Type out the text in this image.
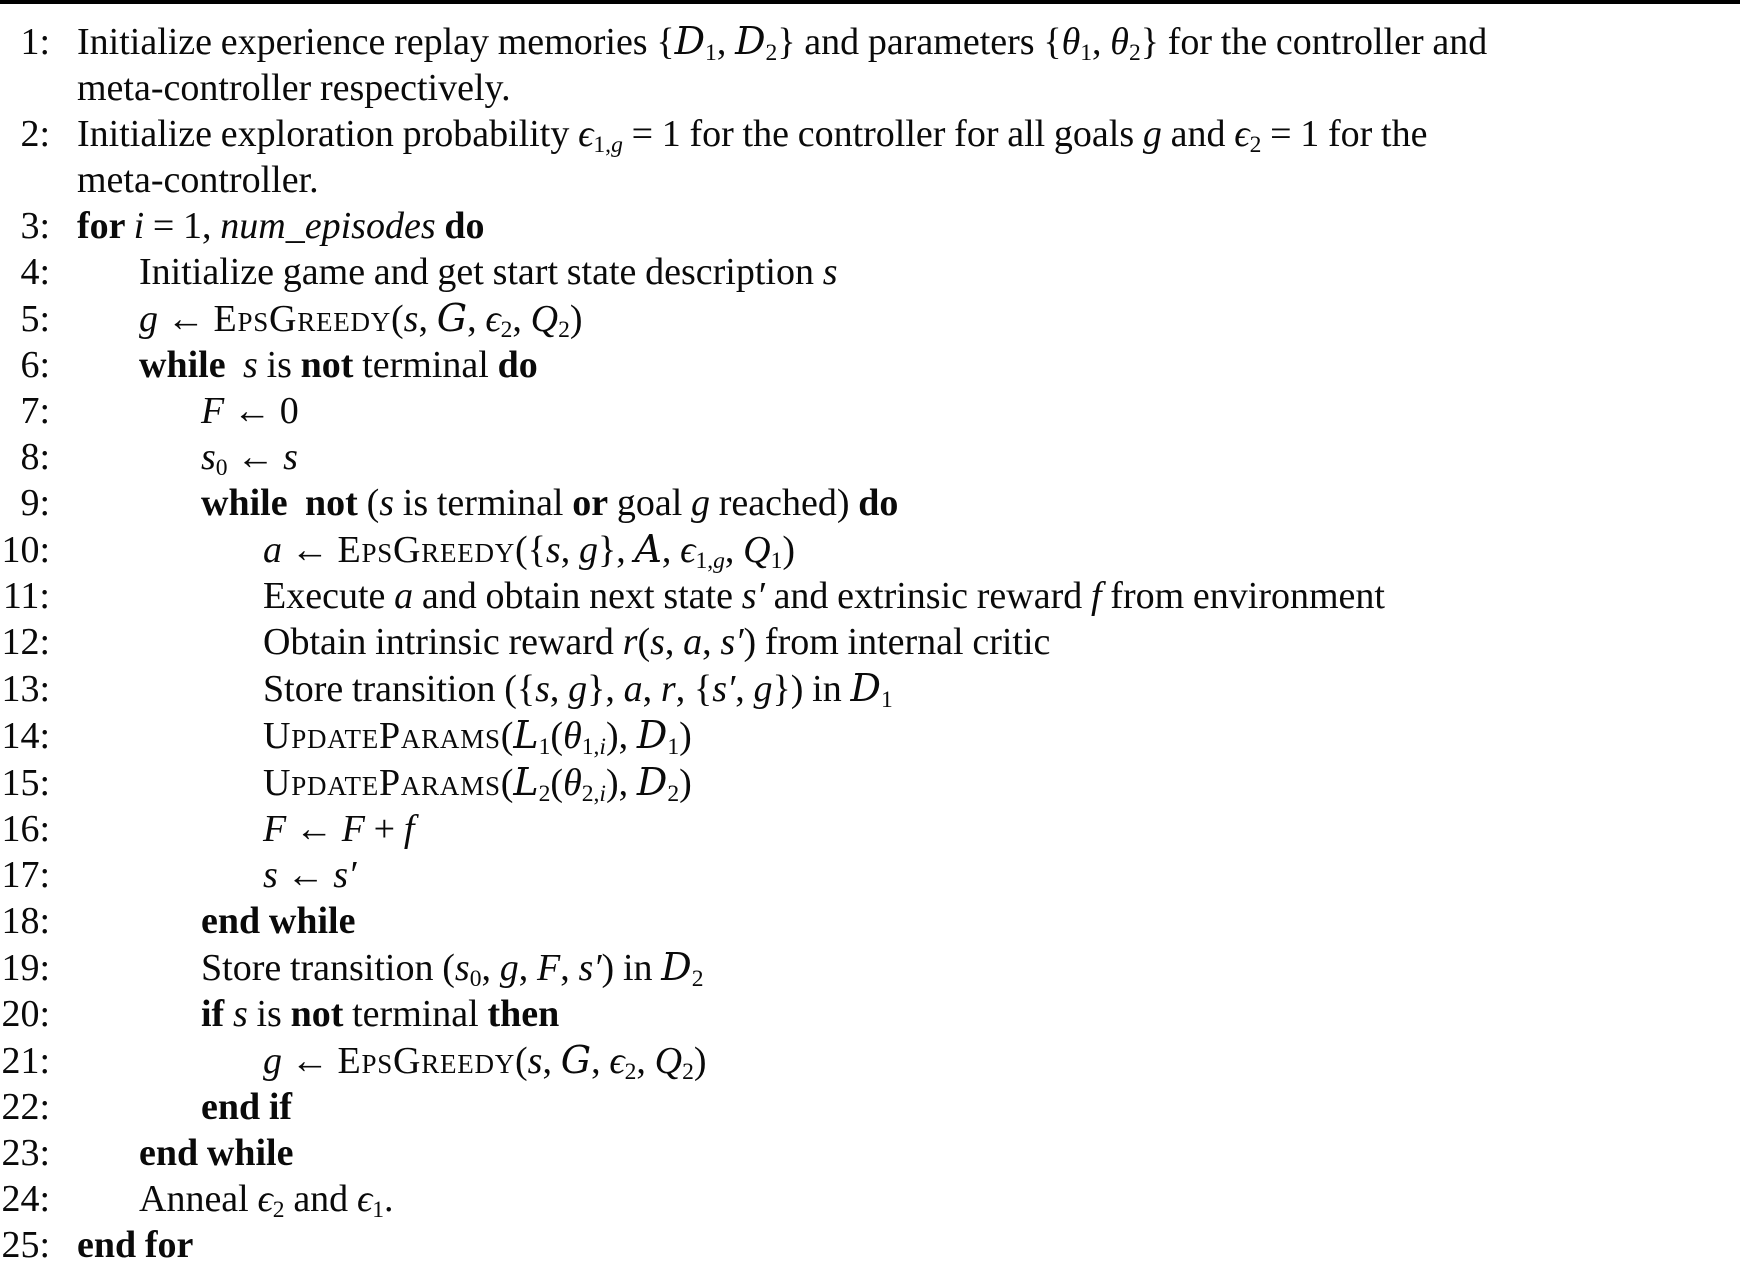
1: Initialize experience replay memories {$D_1$, $D_2$} and parameters {$\theta_1$, $\theta_2$} for the controller and
meta-controller respectively.
2: Initialize exploration probability $\epsilon_{1,g} = 1$ for the controller for all goals g and $\epsilon_2 = 1$ for the
meta-controller.
3: for i = 1, num_episodes do
4:	Initialize game and get start state description s
5:	g ← EpsGreedy(s, G, $\epsilon_2$, $Q_2$)
6:	while s is not terminal do
7:	F ← 0
8:	$s_0$ ← s
9:	while not (s is terminal or goal g reached) do
10:	a ← EpsGreedy({s, g}, A, $\epsilon_{1,g}$, $Q_1$)
11:	Execute a and obtain next state s′ and extrinsic reward f from environment
12:	Obtain intrinsic reward r(s, a, s′) from internal critic
13:	Store transition ({s, g}, a, r, {s′, g}) in $D_1$
14:	$UpdateParams(L_1(\theta_{1,i})$, $D_1$)
15:	$UpdateParams(L_2(\theta_{2,i})$, $D_2$)
16:	F ← F + f
17:	s ← s′
18:	end while
19:	Store transition ($s_0$, g, F, s′) in $D_2$
20:	if s is not terminal then
21:	g ← EpsGreedy(s, G, $\epsilon_2$, $Q_2$)
22:	end if
23:	end while
24:	Anneal $\epsilon_2$ and $\epsilon_1$.
25: end for
